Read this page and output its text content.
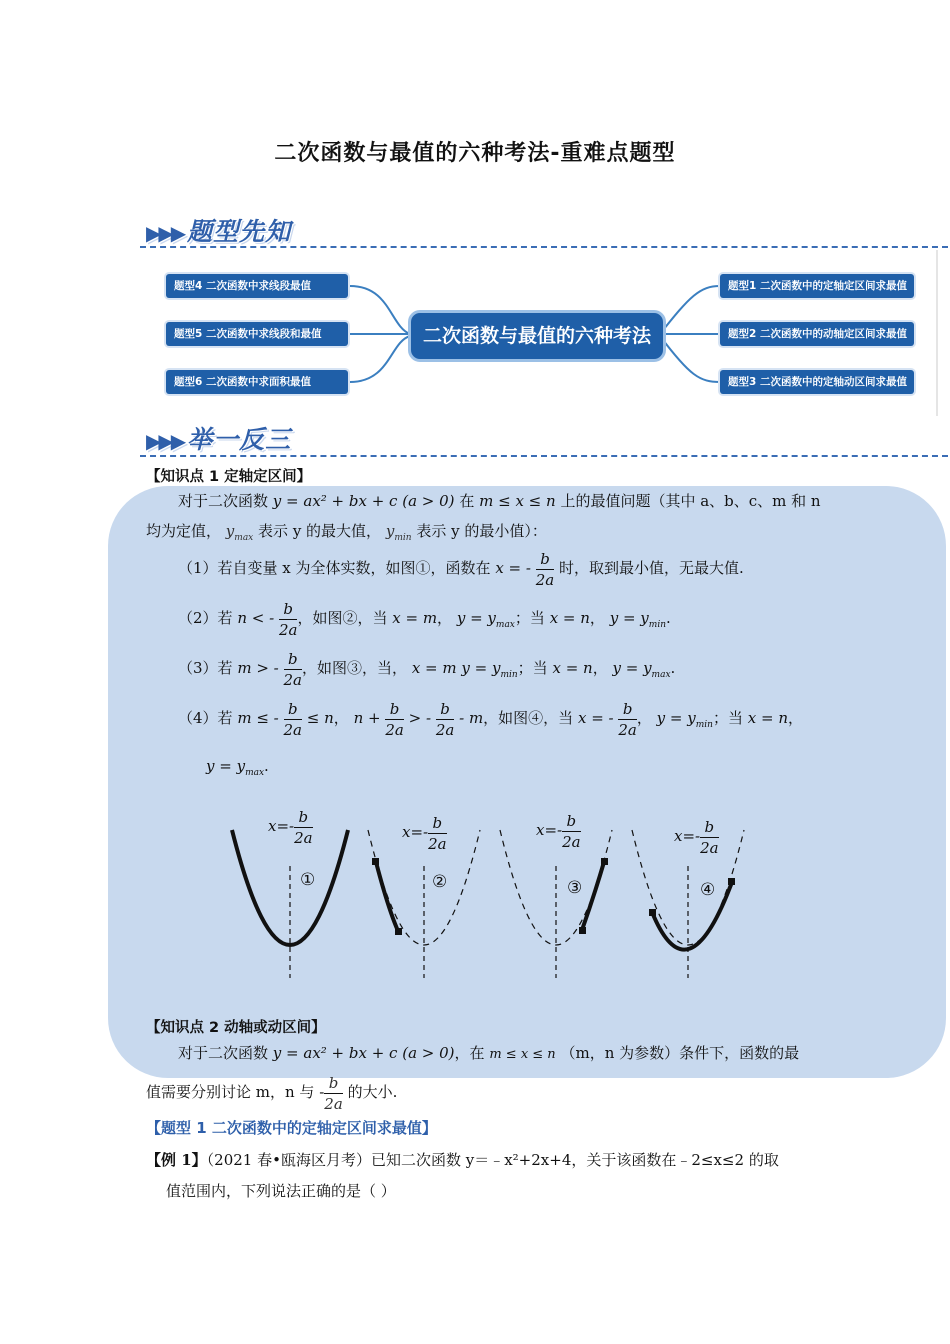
二次函数与最值的六种考法-重难点题型
▶▶▶ 题型先知
题型4 二次函数中求线段最值
题型5 二次函数中求线段和最值
题型6 二次函数中求面积最值
二次函数与最值的六种考法
题型1 二次函数中的定轴定区间求最值
题型2 二次函数中的动轴定区间求最值
题型3 二次函数中的定轴动区间求最值
▶▶▶ 举一反三
【知识点 1 定轴定区间】
对于二次函数 y = ax² + bx + c (a > 0) 在 m ≤ x ≤ n 上的最值问题（其中 a、b、c、m 和 n
均为定值， $y_{max}$ 表示 y 的最大值， $y_{min}$ 表示 y 的最小值）：
（1）若自变量 x 为全体实数，如图①，函数在 x = - $\frac{b}{2a}$ 时，取到最小值，无最大值.
（2）若 n < - $\frac{b}{2a}$ ，如图②，当 x = m， $y = y_{max}$；当 x = n， $y = y_{min}$.
（3）若 m > - $\frac{b}{2a}$ ，如图③，当， x = m $y = y_{min}$；当 x = n， $y = y_{max}$.
（4）若 m ≤ - $\frac{b}{2a} \le n$， $n + \frac{b}{2a}$ > - $\frac{b}{2a}$ - m，如图④，当 x = - $\frac{b}{2a}$ ， $y = y_{min}$；当 x = n，
$y = y_{max}$.
$x=- \frac{b}{2a}$	$x=- \frac{b}{2a}$	$x=- \frac{b}{2a}$	$x=- \frac{b}{2a}$
①	②	③	④
【知识点 2 动轴或动区间】
对于二次函数 y = ax² + bx + c (a > 0)，在 m ≤ x ≤ n （m，n 为参数）条件下，函数的最
值需要分别讨论 m，n 与 - $\frac{b}{2a}$ 的大小.
【题型 1 二次函数中的定轴定区间求最值】
【例 1】（2021 春•瓯海区月考）已知二次函数 y＝﹣x²+2x+4，关于该函数在﹣2≤x≤2 的取
值范围内，下列说法正确的是（ ）
